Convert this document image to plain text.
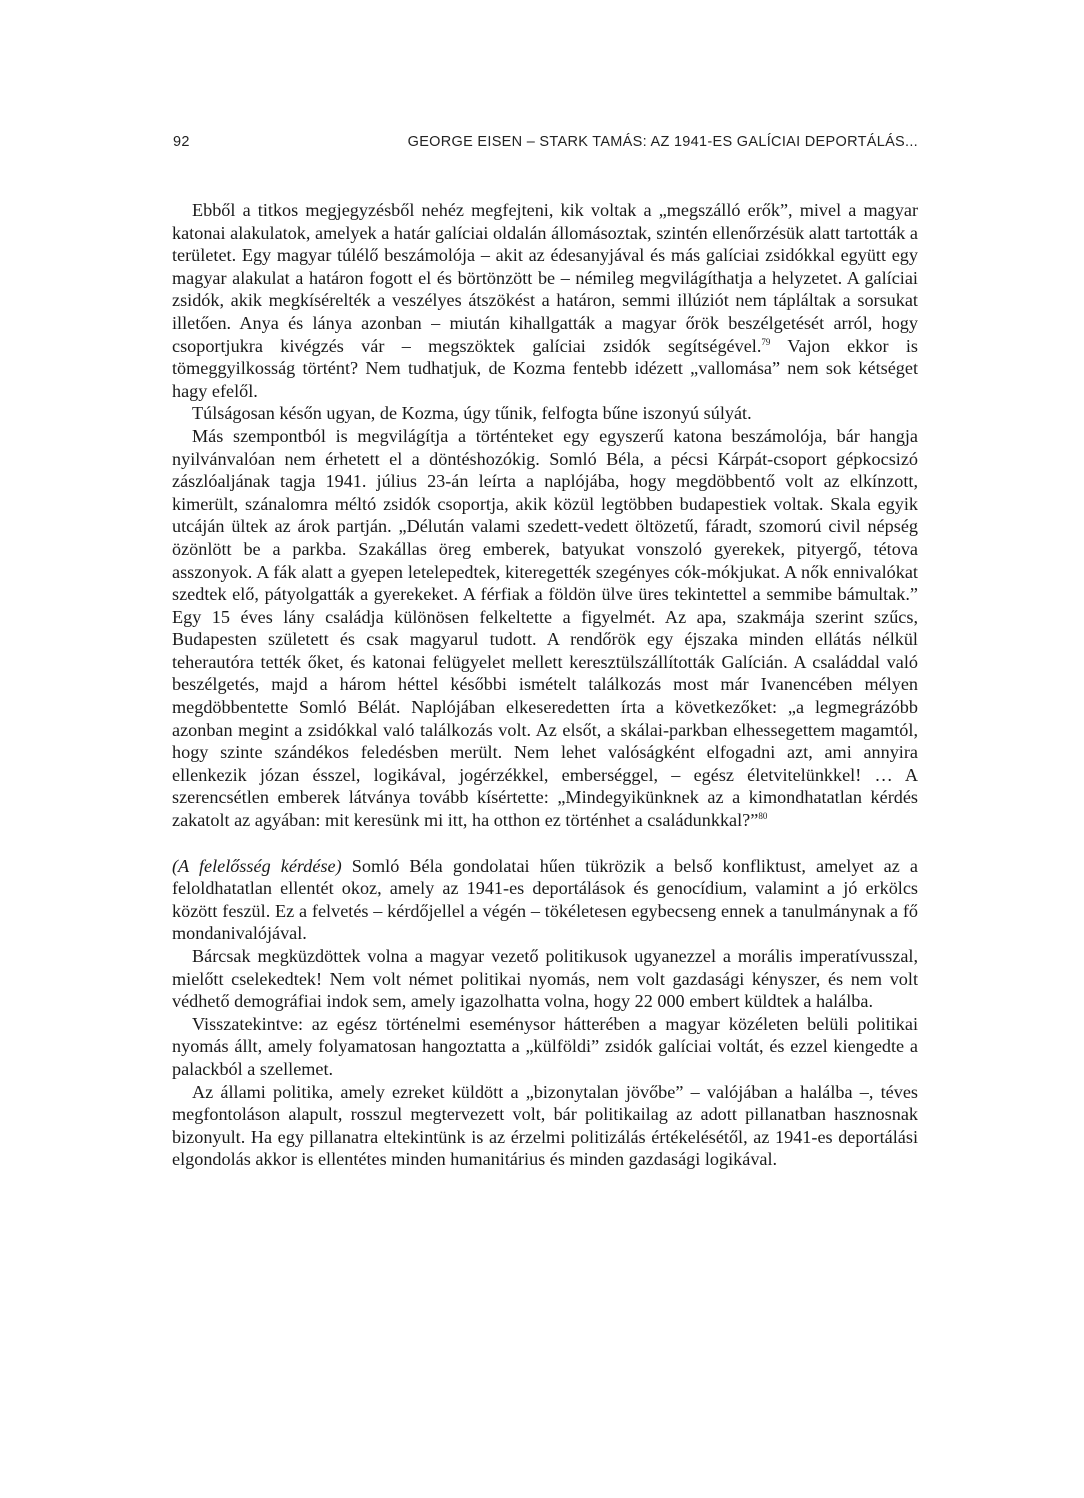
92	GEORGE EISEN – STARK TAMÁS: AZ 1941-ES GALÍCIAI DEPORTÁLÁS...

Ebből a titkos megjegyzésből nehéz megfejteni, kik voltak a „megszálló erők”, mivel a magyar katonai alakulatok, amelyek a határ galíciai oldalán állomásoztak, szintén ellenőrzésük alatt tartották a területet. Egy magyar túlélő beszámolója – akit az édesanyjával és más galíciai zsidókkal együtt egy magyar alakulat a határon fogott el és börtönzött be – némileg megvilágíthatja a helyzetet. A galíciai zsidók, akik megkísérelték a veszélyes átszökést a határon, semmi illúziót nem tápláltak a sorsukat illetően. Anya és lánya azonban – miután kihallgatták a magyar őrök beszélgetését arról, hogy csoportjukra kivégzés vár – megszöktek galíciai zsidók segítségével.$^{79}$ Vajon ekkor is tömeggyilkosság történt? Nem tudhatjuk, de Kozma fentebb idézett „vallomása” nem sok kétséget hagy efelől.

Túlságosan későn ugyan, de Kozma, úgy tűnik, felfogta bűne iszonyú súlyát.

Más szempontból is megvilágítja a történteket egy egyszerű katona beszámolója, bár hangja nyilvánvalóan nem érhetett el a döntéshozókig. Somló Béla, a pécsi Kárpát-csoport gépkocsizó zászlóaljának tagja 1941. július 23-án leírta a naplójába, hogy megdöbbentő volt az elkínzott, kimerült, szánalomra méltó zsidók csoportja, akik közül legtöbben budapestiek voltak. Skala egyik utcáján ültek az árok partján. „Délután valami szedett-vedett öltözetű, fáradt, szomorú civil népség özönlött be a parkba. Szakállas öreg emberek, batyukat vonszoló gyerekek, pityergő, tétova asszonyok. A fák alatt a gyepen letelepedtek, kiteregették szegényes cók-mókjukat. A nők ennivalókat szedtek elő, pátyolgatták a gyerekeket. A férfiak a földön ülve üres tekintettel a semmibe bámultak.” Egy 15 éves lány családja különösen felkeltette a figyelmét. Az apa, szakmája szerint szűcs, Budapesten született és csak magyarul tudott. A rendőrök egy éjszaka minden ellátás nélkül teherautóra tették őket, és katonai felügyelet mellett keresztülszállították Galícián. A családdal való beszélgetés, majd a három héttel későbbi ismételt találkozás most már Ivanencében mélyen megdöbbentette Somló Bélát. Naplójában elkeseredetten írta a következőket: „a legmegrázóbb azonban megint a zsidókkal való találkozás volt. Az elsőt, a skálai-parkban elhessegettem magamtól, hogy szinte szándékos feledésben merült. Nem lehet valóságként elfogadni azt, ami annyira ellenkezik józan ésszel, logikával, jogérzékkel, emberséggel, – egész életvitelünkkel! … A szerencsétlen emberek látványa tovább kísértette: „Mindegyikünknek az a kimondhatatlan kérdés zakatolt az agyában: mit keresünk mi itt, ha otthon ez történhet a családunkkal?”$^{80}$

(A felelősség kérdése) Somló Béla gondolatai hűen tükrözik a belső konfliktust, amelyet az a feloldhatatlan ellentét okoz, amely az 1941-es deportálások és genocídium, valamint a jó erkölcs között feszül. Ez a felvetés – kérdőjellel a végén – tökéletesen egybecseng ennek a tanulmánynak a fő mondanivalójával.

Bárcsak megküzdöttek volna a magyar vezető politikusok ugyanezzel a morális imperatívusszal, mielőtt cselekedtek! Nem volt német politikai nyomás, nem volt gazdasági kényszer, és nem volt védhető demográfiai indok sem, amely igazolhatta volna, hogy 22 000 embert küldtek a halálba.

Visszatekintve: az egész történelmi eseménysor hátterében a magyar közéleten belüli politikai nyomás állt, amely folyamatosan hangoztatta a „külföldi” zsidók galíciai voltát, és ezzel kiengedte a palackból a szellemet.

Az állami politika, amely ezreket küldött a „bizonytalan jövőbe” – valójában a halálba –, téves megfontoláson alapult, rosszul megtervezett volt, bár politikailag az adott pillanatban hasznosnak bizonyult. Ha egy pillanatra eltekintünk is az érzelmi politizálás értékelésétől, az 1941-es deportálási elgondolás akkor is ellentétes minden humanitárius és minden gazdasági logikával.
